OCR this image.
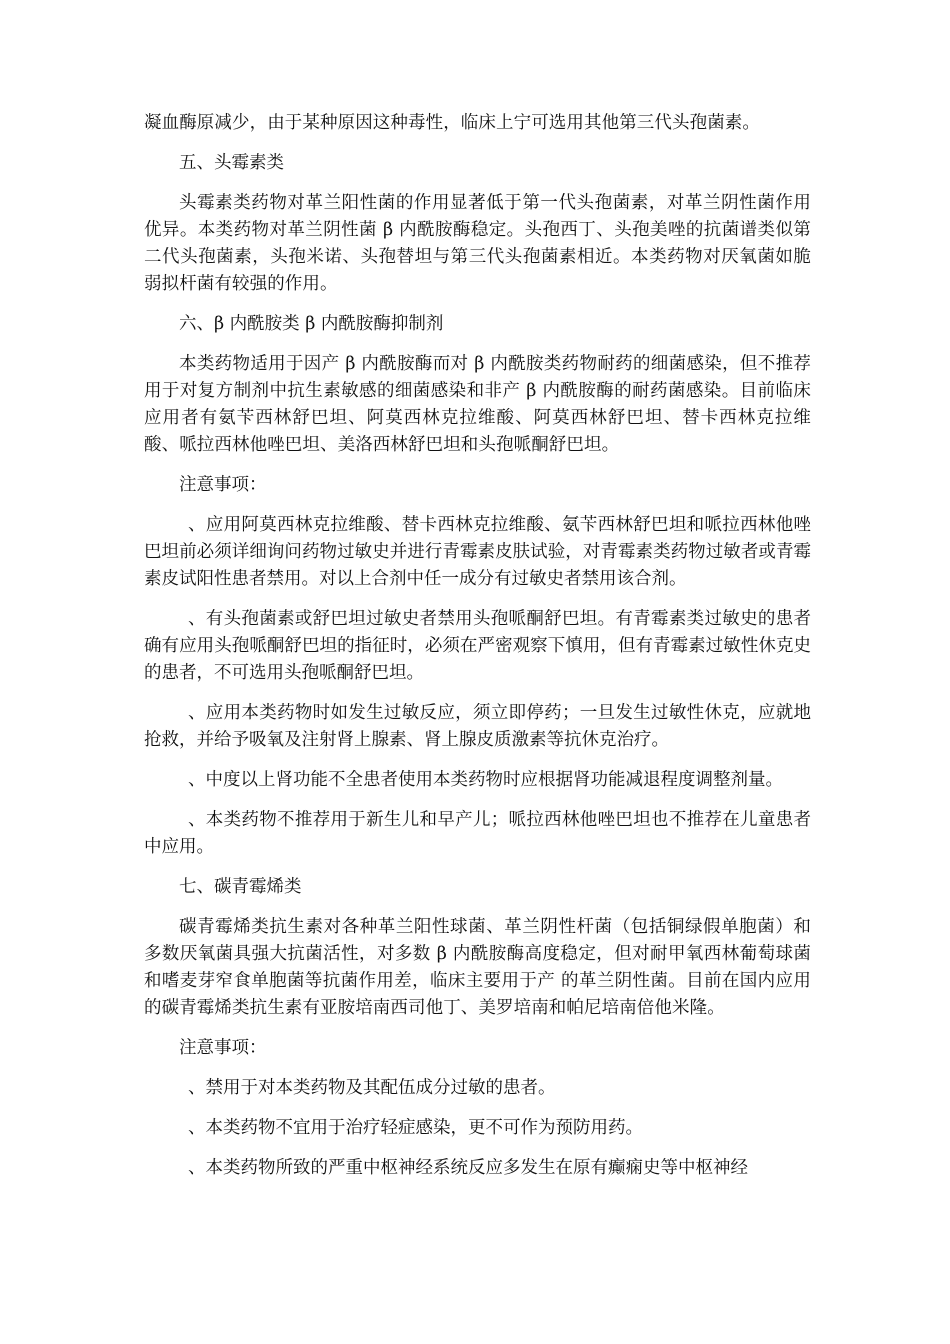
凝血酶原减少，由于某种原因这种毒性，临床上宁可选用其他第三代头孢菌素。

五、头霉素类

头霉素类药物对革兰阳性菌的作用显著低于第一代头孢菌素，对革兰阴性菌作用优异。本类药物对革兰阴性菌 β 内酰胺酶稳定。头孢西丁、头孢美唑的抗菌谱类似第二代头孢菌素，头孢米诺、头孢替坦与第三代头孢菌素相近。本类药物对厌氧菌如脆弱拟杆菌有较强的作用。

六、β 内酰胺类 β 内酰胺酶抑制剂

本类药物适用于因产 β 内酰胺酶而对 β 内酰胺类药物耐药的细菌感染，但不推荐用于对复方制剂中抗生素敏感的细菌感染和非产 β 内酰胺酶的耐药菌感染。目前临床应用者有氨苄西林舒巴坦、阿莫西林克拉维酸、阿莫西林舒巴坦、替卡西林克拉维酸、哌拉西林他唑巴坦、美洛西林舒巴坦和头孢哌酮舒巴坦。

注意事项：

、应用阿莫西林克拉维酸、替卡西林克拉维酸、氨苄西林舒巴坦和哌拉西林他唑巴坦前必须详细询问药物过敏史并进行青霉素皮肤试验，对青霉素类药物过敏者或青霉素皮试阳性患者禁用。对以上合剂中任一成分有过敏史者禁用该合剂。

、有头孢菌素或舒巴坦过敏史者禁用头孢哌酮舒巴坦。有青霉素类过敏史的患者确有应用头孢哌酮舒巴坦的指征时，必须在严密观察下慎用，但有青霉素过敏性休克史的患者，不可选用头孢哌酮舒巴坦。

、应用本类药物时如发生过敏反应，须立即停药；一旦发生过敏性休克，应就地抢救，并给予吸氧及注射肾上腺素、肾上腺皮质激素等抗休克治疗。

、中度以上肾功能不全患者使用本类药物时应根据肾功能减退程度调整剂量。

、本类药物不推荐用于新生儿和早产儿；哌拉西林他唑巴坦也不推荐在儿童患者中应用。

七、碳青霉烯类

碳青霉烯类抗生素对各种革兰阳性球菌、革兰阴性杆菌（包括铜绿假单胞菌）和多数厌氧菌具强大抗菌活性，对多数 β 内酰胺酶高度稳定，但对耐甲氧西林葡萄球菌和嗜麦芽窄食单胞菌等抗菌作用差，临床主要用于产 的革兰阴性菌。目前在国内应用的碳青霉烯类抗生素有亚胺培南西司他丁、美罗培南和帕尼培南倍他米隆。

注意事项：

、禁用于对本类药物及其配伍成分过敏的患者。

、本类药物不宜用于治疗轻症感染，更不可作为预防用药。

、本类药物所致的严重中枢神经系统反应多发生在原有癫痫史等中枢神经
